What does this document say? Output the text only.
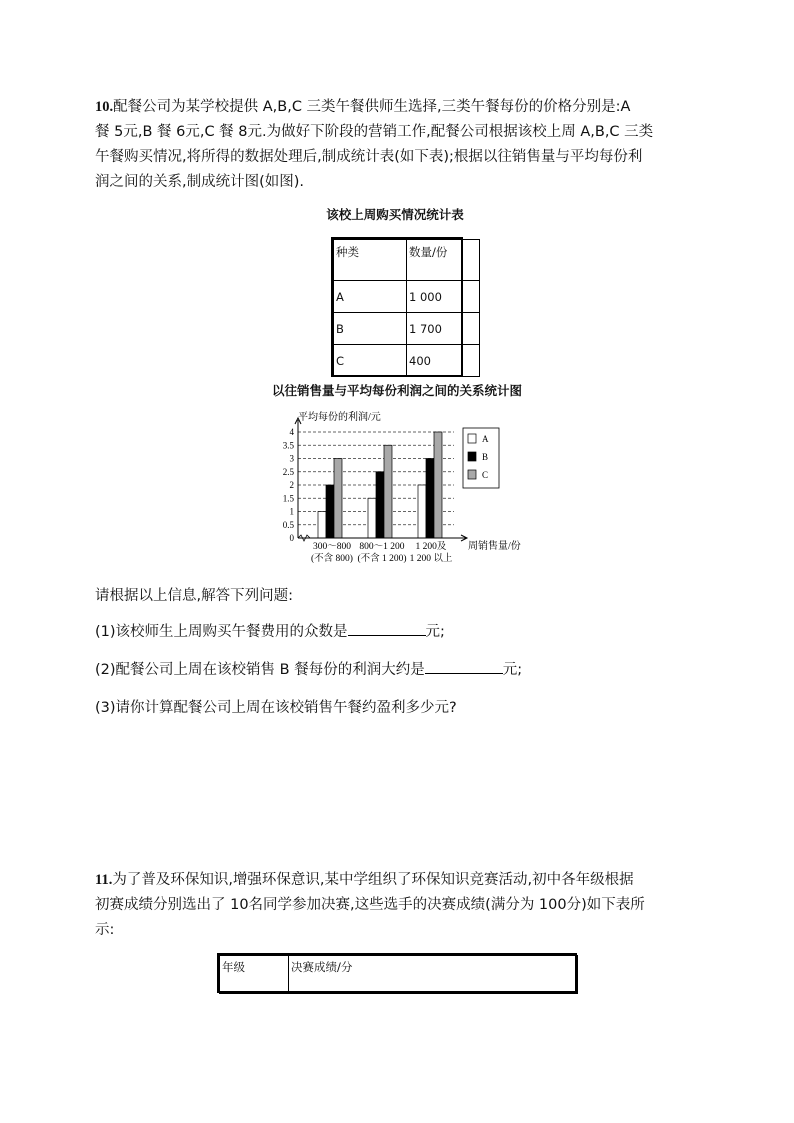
10.配餐公司为某学校提供 A,B,C 三类午餐供师生选择,三类午餐每份的价格分别是:A
餐 5元,B 餐 6元,C 餐 8元.为做好下阶段的营销工作,配餐公司根据该校上周 A,B,C 三类
午餐购买情况,将所得的数据处理后,制成统计表(如下表);根据以往销售量与平均每份利
润之间的关系,制成统计图(如图).
该校上周购买情况统计表
种类	数量/份
A	1 000
B	1 700
C	400
以往销售量与平均每份利润之间的关系统计图
平均每份的利润/元
周销售量/份
0
0.5
1
1.5
2
2.5
3
3.5
4
300～800
(不含 800)
800～1 200
(不含 1 200)
1 200及
1 200 以上
A
B
C
请根据以上信息,解答下列问题:
(1)该校师生上周购买午餐费用的众数是	元;
(2)配餐公司上周在该校销售 B 餐每份的利润大约是	元;
(3)请你计算配餐公司上周在该校销售午餐约盈利多少元?
11.为了普及环保知识,增强环保意识,某中学组织了环保知识竞赛活动,初中各年级根据
初赛成绩分别选出了 10名同学参加决赛,这些选手的决赛成绩(满分为 100分)如下表所
示:
年级	决赛成绩/分
